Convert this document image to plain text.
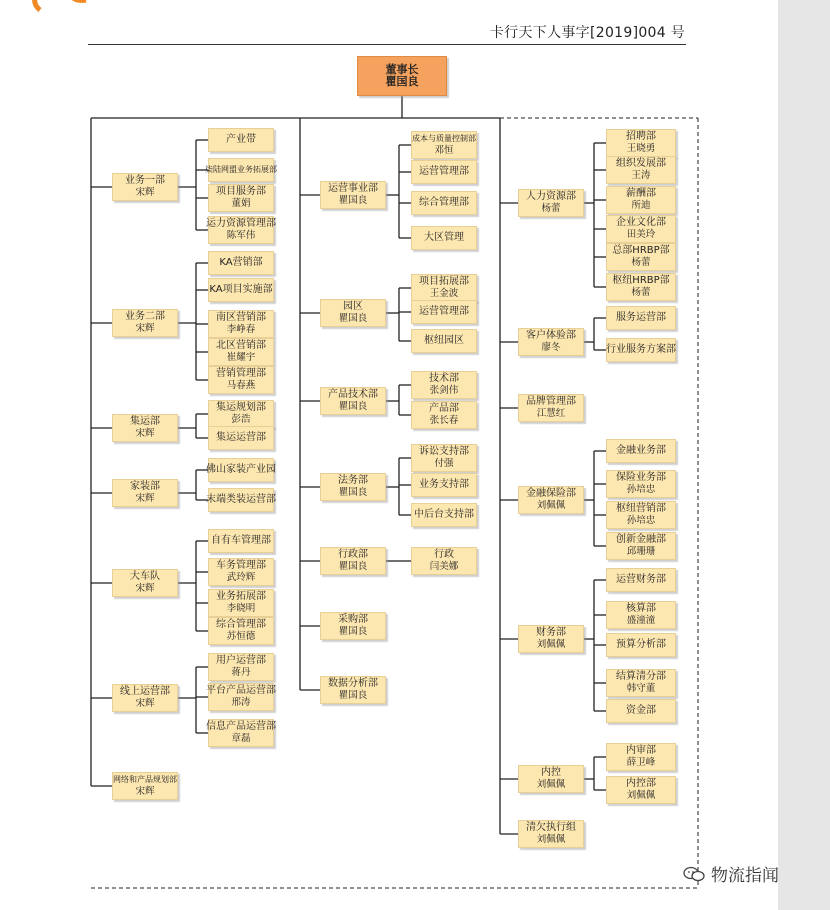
卡行天下人事字[2019]004 号
董事长
瞿国良
业务一部
宋辉
产业带
柒陆网盟业务拓展部
项目服务部
董娟
运力资源管理部
陈军伟
业务二部
宋辉
KA营销部
KA项目实施部
南区营销部
李峥春
北区营销部
崔耀宇
营销管理部
马春燕
集运部
宋辉
集运规划部
彭浩
集运运营部
家装部
宋辉
佛山家装产业园
末端类装运营部
大车队
宋辉
自有车管理部
车务管理部
武玲辉
业务拓展部
李晓明
综合管理部
苏恒德
线上运营部
宋辉
用户运营部
蒋丹
平台产品运营部
邢涛
信息产品运营部
章磊
网络和产品规划部
宋辉
运营事业部
瞿国良
成本与质量控制部
邓恒
运营管理部
综合管理部
大区管理
园区
瞿国良
项目拓展部
王金波
运营管理部
枢纽园区
产品技术部
瞿国良
技术部
张剑伟
产品部
张长春
法务部
瞿国良
诉讼支持部
付强
业务支持部
中后台支持部
行政部
瞿国良
行政
闫美娜
采购部
瞿国良
数据分析部
瞿国良
人力资源部
杨蕾
招聘部
王晓勇
组织发展部
王涛
薪酬部
所迪
企业文化部
田美玲
总部HRBP部
杨蕾
枢纽HRBP部
杨蕾
客户体验部
廖冬
服务运营部
行业服务方案部
品牌管理部
江慧红
金融保险部
刘佩佩
金融业务部
保险业务部
孙培忠
枢纽营销部
孙培忠
创新金融部
邱珊珊
财务部
刘佩佩
运营财务部
核算部
盛潼潼
预算分析部
结算清分部
韩守董
资金部
内控
刘佩佩
内审部
薛卫峰
内控部
刘佩佩
清欠执行组
刘佩佩
物流指闻
